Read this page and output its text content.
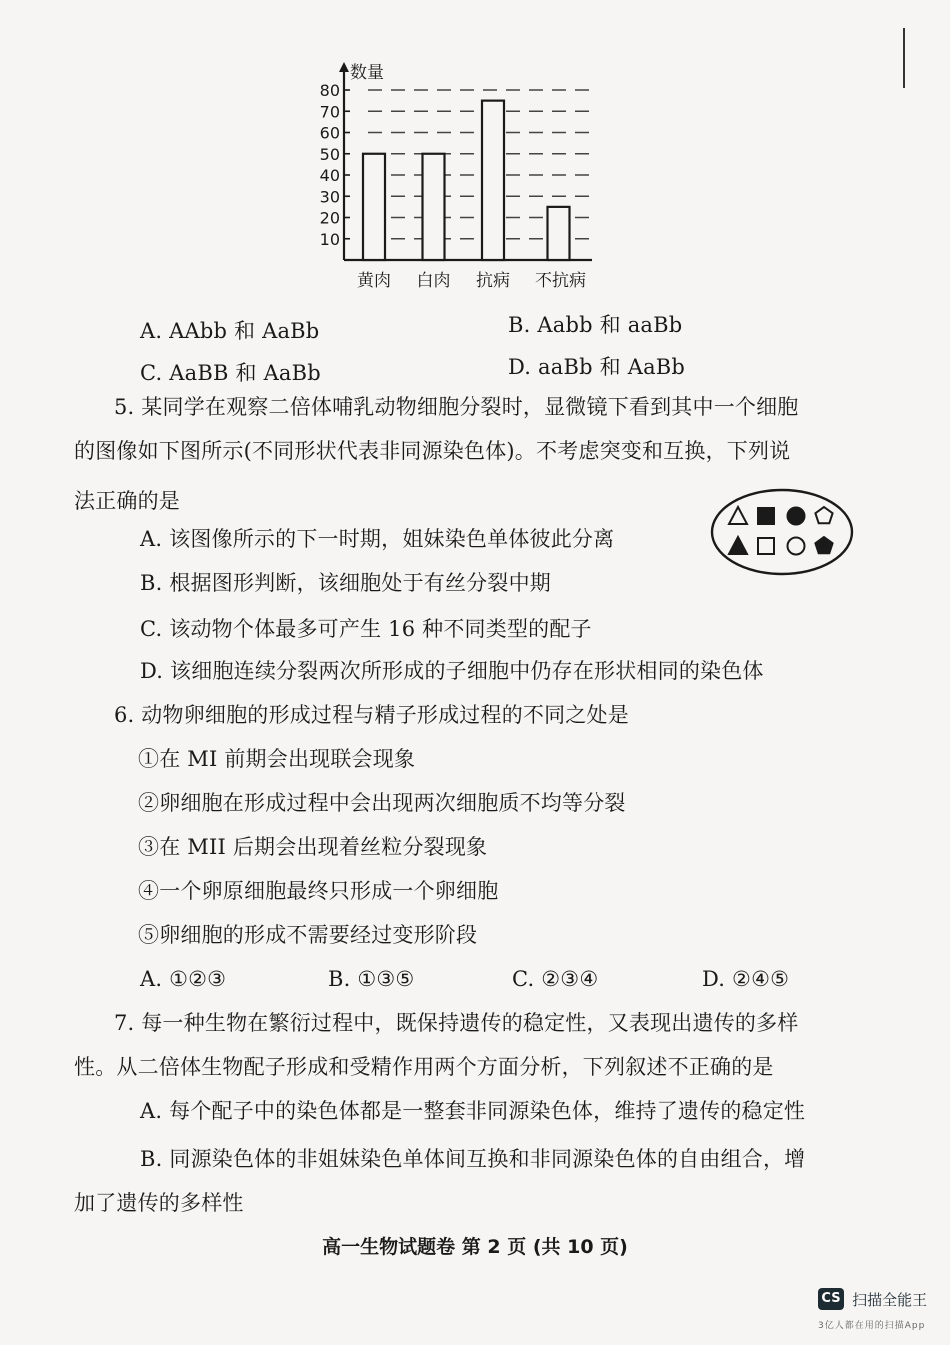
数量
10
20
30
40
50
60
70
80
黄肉 白肉 抗病 不抗病
A. AAbb 和 AaBb	B. Aabb 和 aaBb
C. AaBB 和 AaBb	D. aaBb 和 AaBb
5. 某同学在观察二倍体哺乳动物细胞分裂时，显微镜下看到其中一个细胞
的图像如下图所示(不同形状代表非同源染色体)。不考虑突变和互换，下列说
法正确的是
A. 该图像所示的下一时期，姐妹染色单体彼此分离
B. 根据图形判断，该细胞处于有丝分裂中期
C. 该动物个体最多可产生 16 种不同类型的配子
D. 该细胞连续分裂两次所形成的子细胞中仍存在形状相同的染色体
6. 动物卵细胞的形成过程与精子形成过程的不同之处是
①在 MI 前期会出现联会现象
②卵细胞在形成过程中会出现两次细胞质不均等分裂
③在 MII 后期会出现着丝粒分裂现象
④一个卵原细胞最终只形成一个卵细胞
⑤卵细胞的形成不需要经过变形阶段
A. ①②③	B. ①③⑤	C. ②③④	D. ②④⑤
7. 每一种生物在繁衍过程中，既保持遗传的稳定性，又表现出遗传的多样
性。从二倍体生物配子形成和受精作用两个方面分析，下列叙述不正确的是
A. 每个配子中的染色体都是一整套非同源染色体，维持了遗传的稳定性
B. 同源染色体的非姐妹染色单体间互换和非同源染色体的自由组合，增
加了遗传的多样性
高一生物试题卷 第 2 页 (共 10 页)
CS 扫描全能王
3亿人都在用的扫描App
